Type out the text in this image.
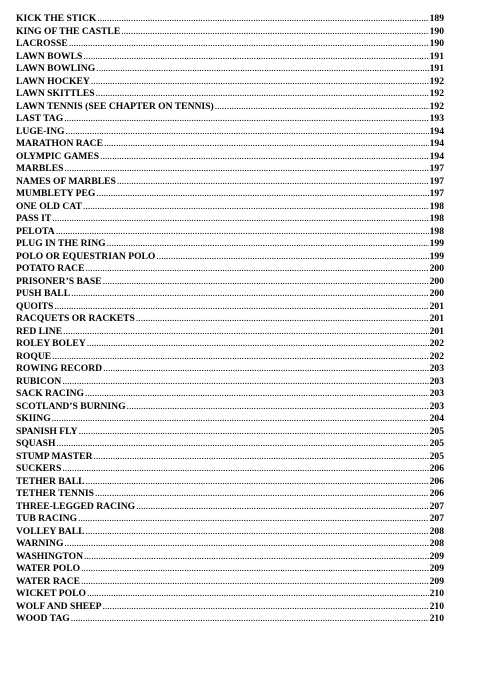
KICK THE STICK .....	189
KING OF THE CASTLE .....	190
LACROSSE .....	190
LAWN BOWLS .....	191
LAWN BOWLING .....	191
LAWN HOCKEY .....	192
LAWN SKITTLES .....	192
LAWN TENNIS (SEE CHAPTER ON TENNIS) .....	192
LAST TAG .....	193
LUGE-ING .....	194
MARATHON RACE .....	194
OLYMPIC GAMES .....	194
MARBLES .....	197
NAMES OF MARBLES .....	197
MUMBLETY PEG .....	197
ONE OLD CAT .....	198
PASS IT .....	198
PELOTA .....	198
PLUG IN THE RING .....	199
POLO OR EQUESTRIAN POLO .....	199
POTATO RACE .....	200
PRISONER’S BASE .....	200
PUSH BALL .....	200
QUOITS .....	201
RACQUETS OR RACKETS .....	201
RED LINE .....	201
ROLEY BOLEY .....	202
ROQUE .....	202
ROWING RECORD .....	203
RUBICON .....	203
SACK RACING .....	203
SCOTLAND’S BURNING .....	203
SKIING .....	204
SPANISH FLY .....	205
SQUASH .....	205
STUMP MASTER .....	205
SUCKERS .....	206
TETHER BALL .....	206
TETHER TENNIS .....	206
THREE-LEGGED RACING .....	207
TUB RACING .....	207
VOLLEY BALL .....	208
WARNING .....	208
WASHINGTON .....	209
WATER POLO .....	209
WATER RACE .....	209
WICKET POLO .....	210
WOLF AND SHEEP .....	210
WOOD TAG .....	210
